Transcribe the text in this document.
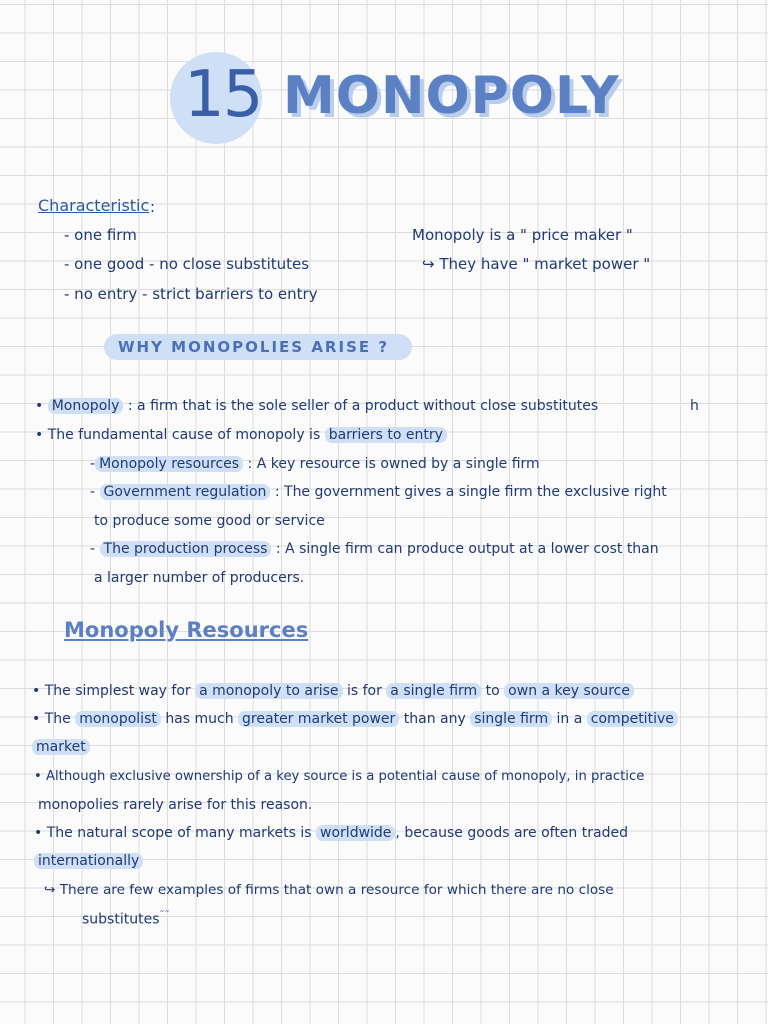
15 MONOPOLY
Characteristic :
- one firm
- one good - no close substitutes
- no entry - strict barriers to entry
Monopoly is a " price maker "
↪ They have " market power "
WHY MONOPOLIES ARISE ?
• Monopoly : a firm that is the sole seller of a product without close substitutes	h
• The fundamental cause of monopoly is barriers to entry
- Monopoly resources : A key resource is owned by a single firm
- Government regulation : The government gives a single firm the exclusive right
to produce some good or service
- The production process : A single firm can produce output at a lower cost than
a larger number of producers.
Monopoly Resources
• The simplest way for a monopoly to arise is for a single firm to own a key source
• The monopolist has much greater market power than any single firm in a competitive
market
• Although exclusive ownership of a key source is a potential cause of monopoly, in practice
monopolies rarely arise for this reason.
• The natural scope of many markets is worldwide , because goods are often traded
internationally
↪ There are few examples of firms that own a resource for which there are no close
substitutes˜˜
